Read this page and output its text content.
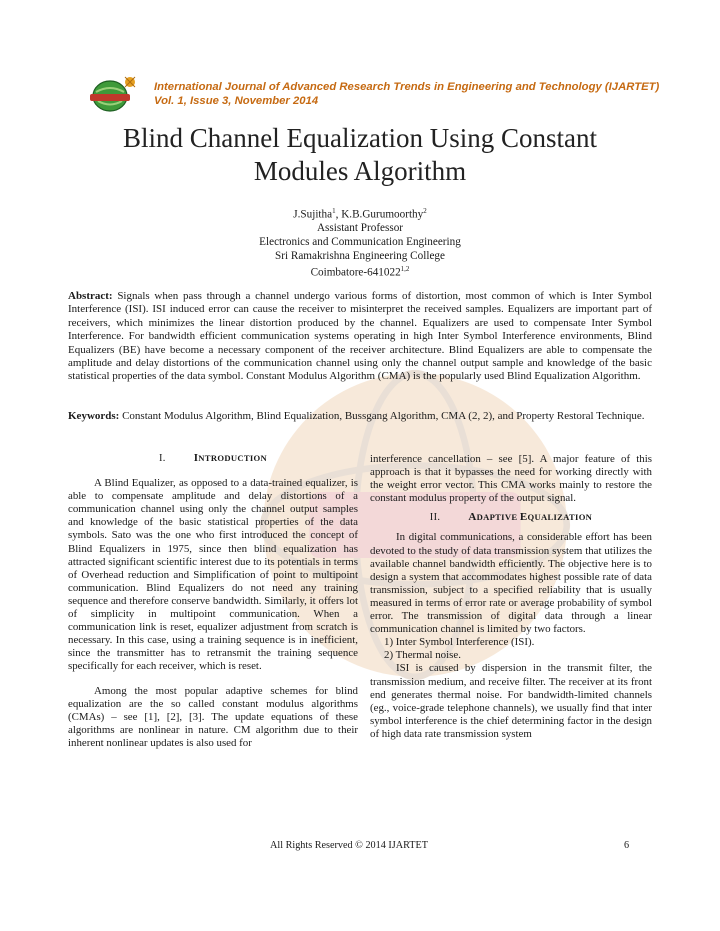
International Journal of Advanced Research Trends in Engineering and Technology (IJARTET)
Vol. 1, Issue 3, November 2014
Blind Channel Equalization Using Constant
Modules Algorithm
J.Sujitha$^1$, K.B.Gurumoorthy$^2$
Assistant Professor
Electronics and Communication Engineering
Sri Ramakrishna Engineering College
Coimbatore-641022$^{1,2}$

Abstract: Signals when pass through a channel undergo various forms of distortion, most common of which is Inter Symbol Interference (ISI). ISI induced error can cause the receiver to misinterpret the received samples. Equalizers are important part of receivers, which minimizes the linear distortion produced by the channel. Equalizers are used to compensate Inter Symbol Interference. For bandwidth efficient communication systems operating in high Inter Symbol Interference environments, Blind Equalizers (BE) have become a necessary component of the receiver architecture. Blind Equalizers are able to compensate the amplitude and delay distortions of the communication channel using only the channel output sample and knowledge of the basic statistical properties of the data symbol. Constant Modulus Algorithm (CMA) is the popularly used Blind Equalization Algorithm.

Keywords: Constant Modulus Algorithm, Blind Equalization, Bussgang Algorithm, CMA (2, 2), and Property Restoral Technique.

I.	INTRODUCTION

A Blind Equalizer, as opposed to a data-trained equalizer, is able to compensate amplitude and delay distortions of a communication channel using only the channel output samples and knowledge of the basic statistical properties of the data symbols. Sato was the one who first introduced the concept of Blind Equalizers in 1975, since then blind equalization has attracted significant scientific interest due to its potentials in terms of Overhead reduction and Simplification of point to multipoint communication. Blind Equalizers do not need any training sequence and therefore conserve bandwidth. Similarly, it offers lot of simplicity in multipoint communication. When a communication link is reset, equalizer adjustment from scratch is necessary. In this case, using a training sequence is in inefficient, since the transmitter has to retransmit the training sequence specifically for each receiver, which is reset.

Among the most popular adaptive schemes for blind equalization are the so called constant modulus algorithms (CMAs) – see [1], [2], [3]. The update equations of these algorithms are nonlinear in nature. CM algorithm due to their inherent nonlinear updates is also used for

interference cancellation – see [5]. A major feature of this approach is that it bypasses the need for working directly with the weight error vector. This CMA works mainly to restore the constant modulus property of the output signal.

II.	ADAPTIVE EQUALIZATION

In digital communications, a considerable effort has been devoted to the study of data transmission system that utilizes the available channel bandwidth efficiently. The objective here is to design a system that accommodates highest possible rate of data transmission, subject to a specified reliability that is usually measured in terms of error rate or average probability of symbol error. The transmission of digital data through a linear communication channel is limited by two factors.

1) Inter Symbol Interference (ISI).

2) Thermal noise.

ISI is caused by dispersion in the transmit filter, the transmission medium, and receive filter. The receiver at its front end generates thermal noise. For bandwidth-limited channels (eg., voice-grade telephone channels), we usually find that inter symbol interference is the chief determining factor in the design of high data rate transmission system

All Rights Reserved © 2014 IJARTET	6
